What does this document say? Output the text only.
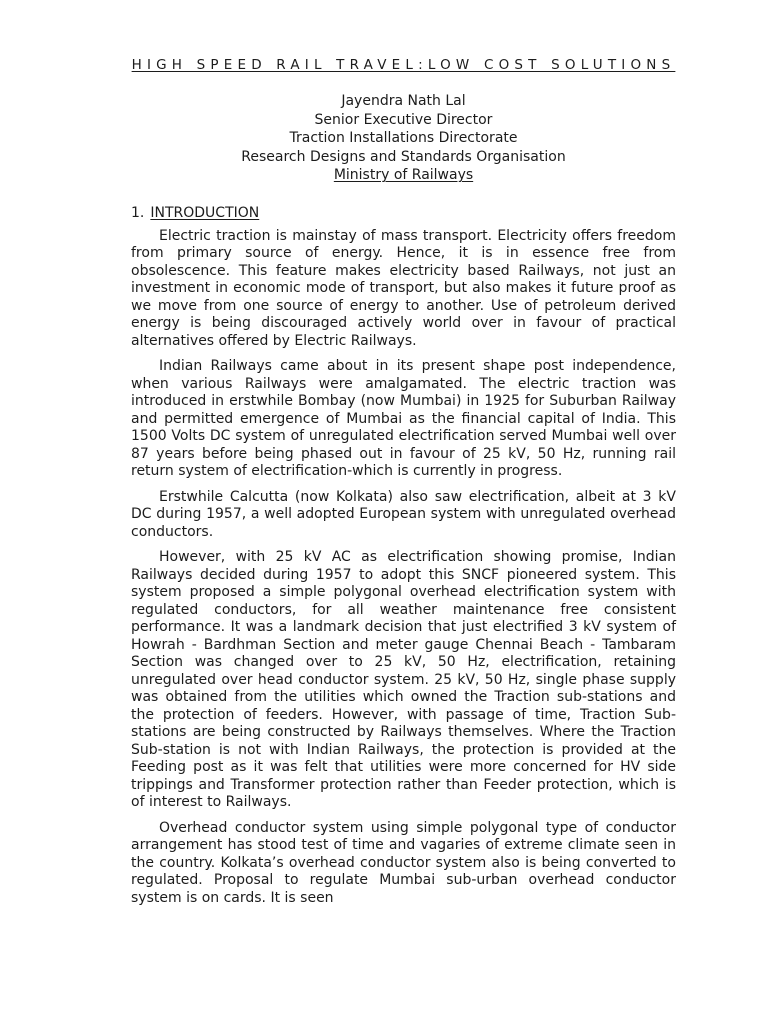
HIGH SPEED RAIL TRAVEL:LOW COST SOLUTIONS
Jayendra Nath Lal
Senior Executive Director
Traction Installations Directorate
Research Designs and Standards Organisation
Ministry of Railways
1. INTRODUCTION

Electric traction is mainstay of mass transport. Electricity offers freedom from primary source of energy. Hence, it is in essence free from obsolescence. This feature makes electricity based Railways, not just an investment in economic mode of transport, but also makes it future proof as we move from one source of energy to another. Use of petroleum derived energy is being discouraged actively world over in favour of practical alternatives offered by Electric Railways.

Indian Railways came about in its present shape post independence, when various Railways were amalgamated. The electric traction was introduced in erstwhile Bombay (now Mumbai) in 1925 for Suburban Railway and permitted emergence of Mumbai as the financial capital of India. This 1500 Volts DC system of unregulated electrification served Mumbai well over 87 years before being phased out in favour of 25 kV, 50 Hz, running rail return system of electrification-which is currently in progress.

Erstwhile Calcutta (now Kolkata) also saw electrification, albeit at 3 kV DC during 1957, a well adopted European system with unregulated overhead conductors.

However, with 25 kV AC as electrification showing promise, Indian Railways decided during 1957 to adopt this SNCF pioneered system. This system proposed a simple polygonal overhead electrification system with regulated conductors, for all weather maintenance free consistent performance. It was a landmark decision that just electrified 3 kV system of Howrah - Bardhman Section and meter gauge Chennai Beach - Tambaram Section was changed over to 25 kV, 50 Hz, electrification, retaining unregulated over head conductor system. 25 kV, 50 Hz, single phase supply was obtained from the utilities which owned the Traction sub-stations and the protection of feeders. However, with passage of time, Traction Sub-stations are being constructed by Railways themselves. Where the Traction Sub-station is not with Indian Railways, the protection is provided at the Feeding post as it was felt that utilities were more concerned for HV side trippings and Transformer protection rather than Feeder protection, which is of interest to Railways.

Overhead conductor system using simple polygonal type of conductor arrangement has stood test of time and vagaries of extreme climate seen in the country. Kolkata’s overhead conductor system also is being converted to regulated. Proposal to regulate Mumbai sub-urban overhead conductor system is on cards. It is seen
